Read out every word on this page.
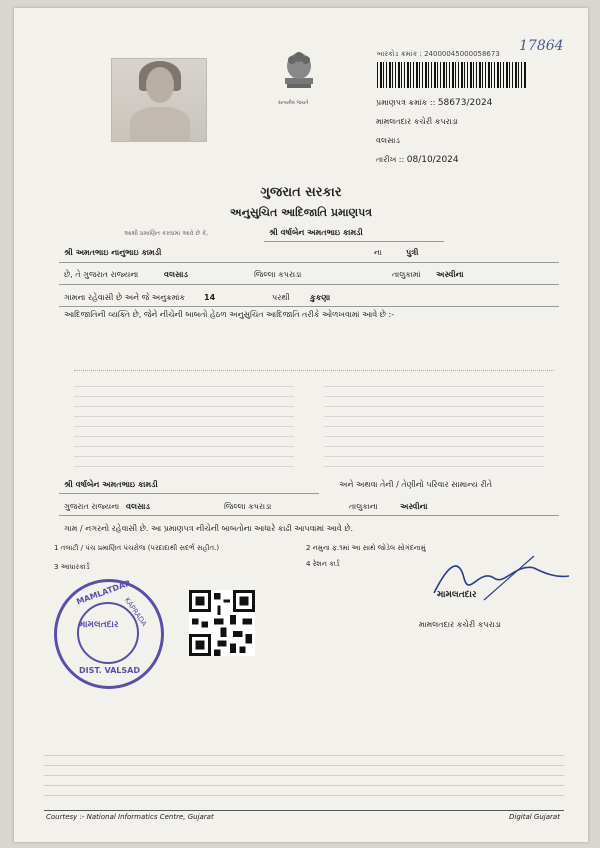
સત્યમેવ જયતે
બારકોડ ક્રમાંક : 24000045000058673 17864
પ્રમાણપત્ર ક્રમાંક :: 58673/2024
મામલતદાર કચેરી કપરાડા
વલસાડ
તારીખ :: 08/10/2024
ગુજરાત સરકાર
અનુસુચિત આદિજાતિ પ્રમાણપત્ર
આથી પ્રમાણિત કરવામાં આવે છે કે,	શ્રી વર્ષાબેન અમતભાઇ કામડી
શ્રી અમતભાઇ નાનુભાઇ કામડી	ના	પુત્રી
છે, તે ગુજરાત રાજ્યના	વલસાડ	જિલ્લા કપરાડા	તાલુકામાં અસ્વીના
ગામના રહેવાસી છે અને જે અનુક્રમાંક 14	પરથી	કુકણા
આદિજાતિની વ્યક્તિ છે, જેને નીચેની બાબતો હેઠળ અનુસુચિત આદિજાતિ તરીકે ઓળખવામાં આવે છે :-
શ્રી વર્ષાબેન અમતભાઇ કામડી	અને અથવા તેની / તેણીનો પરિવાર સામાન્ય રીતે
ગુજરાત રાજ્યના વલસાડ	જિલ્લા કપરાડા	તાલુકાના	અસ્વીના
ગામ / નગરનો રહેવાસી છે. આ પ્રમાણપત્ર નીચેની બાબતોના આધારે કાઢી આપવામાં આવે છે.
1 તલાટી / પંચ પ્રમાણિત પંચરોજ (પરદાદાથી સદર્ભ સહીત.)	2 નમુના ફ.૧માં આ સાથે જોડેલ સોગંદનામું
3 આધારકાર્ડ	4 રેશન કાર્ડ
MAMLATDAR
KAPRADA
મામલતદાર
DIST. VALSAD
મામલતદાર
મામલતદાર કચેરી કપરાડા
Courtesy :- National Informatics Centre, Gujarat	Digital Gujarat
